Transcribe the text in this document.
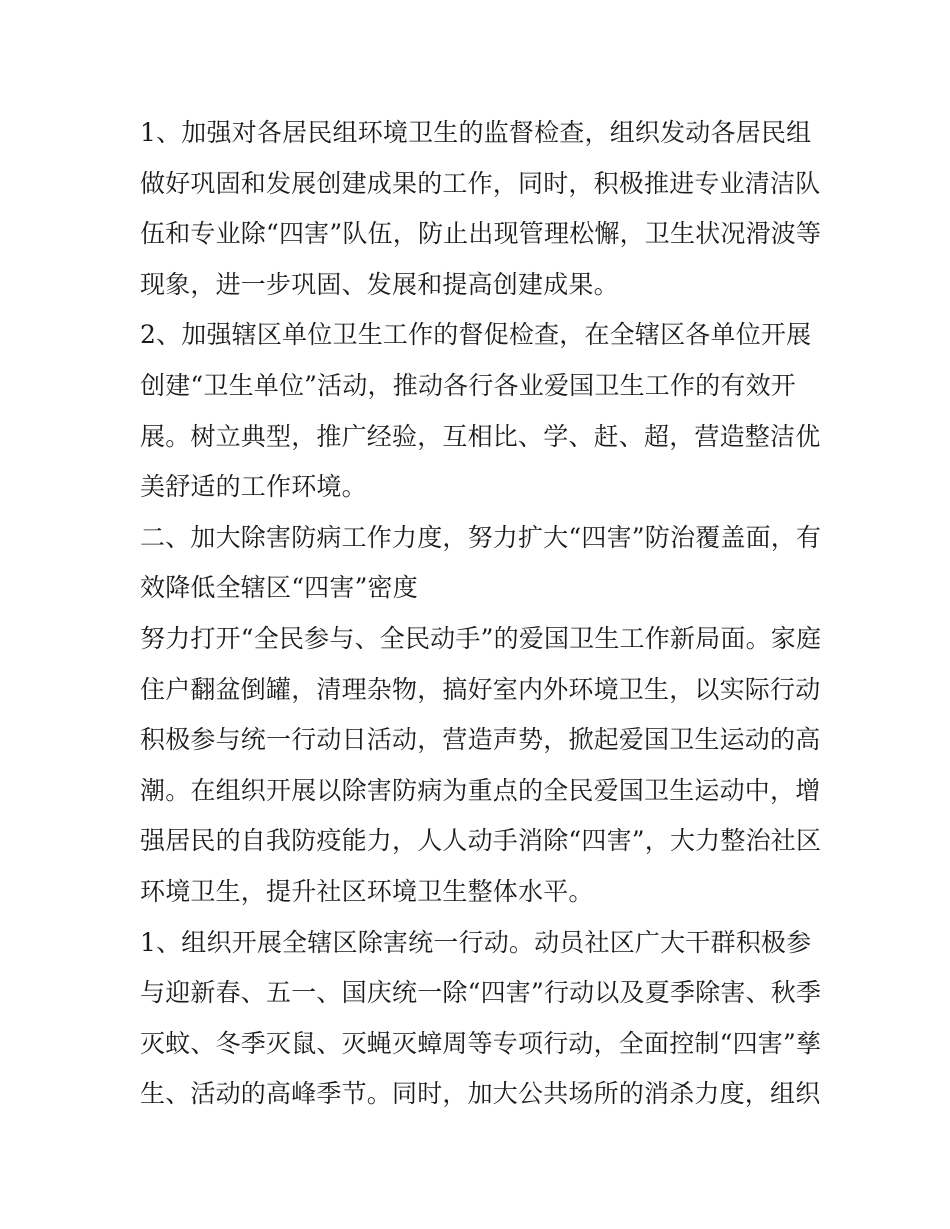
1、加强对各居民组环境卫生的监督检查，组织发动各居民组
做好巩固和发展创建成果的工作，同时，积极推进专业清洁队
伍和专业除“四害”队伍，防止出现管理松懈，卫生状况滑波等
现象，进一步巩固、发展和提高创建成果。
2、加强辖区单位卫生工作的督促检查，在全辖区各单位开展
创建“卫生单位”活动，推动各行各业爱国卫生工作的有效开
展。树立典型，推广经验，互相比、学、赶、超，营造整洁优
美舒适的工作环境。
二、加大除害防病工作力度，努力扩大“四害”防治覆盖面，有
效降低全辖区“四害”密度
努力打开“全民参与、全民动手”的爱国卫生工作新局面。家庭
住户翻盆倒罐，清理杂物，搞好室内外环境卫生，以实际行动
积极参与统一行动日活动，营造声势，掀起爱国卫生运动的高
潮。在组织开展以除害防病为重点的全民爱国卫生运动中，增
强居民的自我防疫能力，人人动手消除“四害”，大力整治社区
环境卫生，提升社区环境卫生整体水平。
1、组织开展全辖区除害统一行动。动员社区广大干群积极参
与迎新春、五一、国庆统一除“四害”行动以及夏季除害、秋季
灭蚊、冬季灭鼠、灭蝇灭蟑周等专项行动，全面控制“四害”孳
生、活动的高峰季节。同时，加大公共场所的消杀力度，组织
